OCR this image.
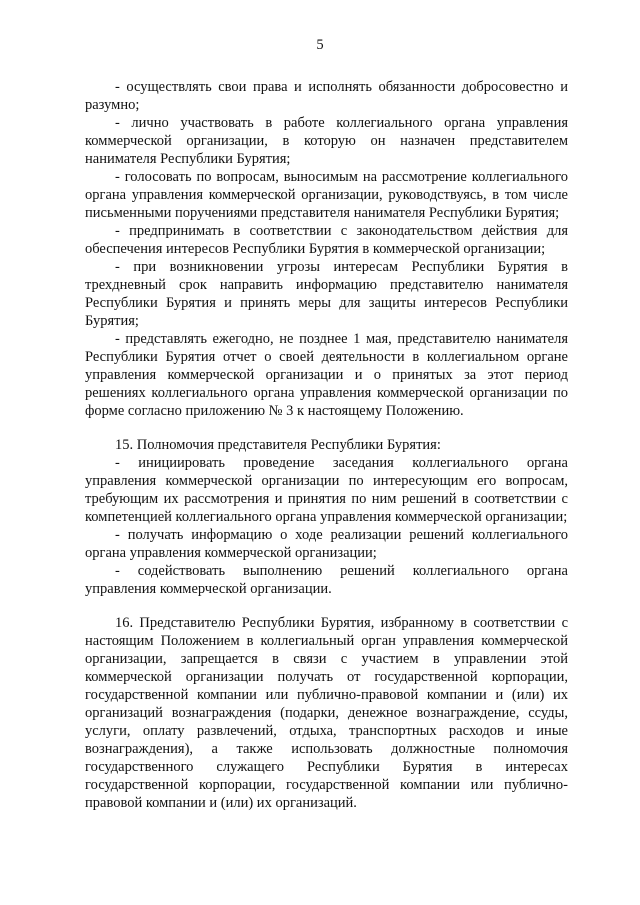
5

- осуществлять свои права и исполнять обязанности добросовестно и разумно;

- лично участвовать в работе коллегиального органа управления коммерческой организации, в которую он назначен представителем нанимателя Республики Бурятия;

- голосовать по вопросам, выносимым на рассмотрение коллегиального органа управления коммерческой организации, руководствуясь, в том числе письменными поручениями представителя нанимателя Республики Бурятия;

- предпринимать в соответствии с законодательством действия для обеспечения интересов Республики Бурятия в коммерческой организации;

- при возникновении угрозы интересам Республики Бурятия в трехдневный срок направить информацию представителю нанимателя Республики Бурятия и принять меры для защиты интересов Республики Бурятия;

- представлять ежегодно, не позднее 1 мая, представителю нанимателя Республики Бурятия отчет о своей деятельности в коллегиальном органе управления коммерческой организации и о принятых за этот период решениях коллегиального органа управления коммерческой организации по форме согласно приложению № 3 к настоящему Положению.

15. Полномочия представителя Республики Бурятия:

- инициировать проведение заседания коллегиального органа управления коммерческой организации по интересующим его вопросам, требующим их рассмотрения и принятия по ним решений в соответствии с компетенцией коллегиального органа управления коммерческой организации;

- получать информацию о ходе реализации решений коллегиального органа управления коммерческой организации;

- содействовать выполнению решений коллегиального органа управления коммерческой организации.

16. Представителю Республики Бурятия, избранному в соответствии с настоящим Положением в коллегиальный орган управления коммерческой организации, запрещается в связи с участием в управлении этой коммерческой организации получать от государственной корпорации, государственной компании или публично-правовой компании и (или) их организаций вознаграждения (подарки, денежное вознаграждение, ссуды, услуги, оплату развлечений, отдыха, транспортных расходов и иные вознаграждения), а также использовать должностные полномочия государственного служащего Республики Бурятия в интересах государственной корпорации, государственной компании или публично-правовой компании и (или) их организаций.
